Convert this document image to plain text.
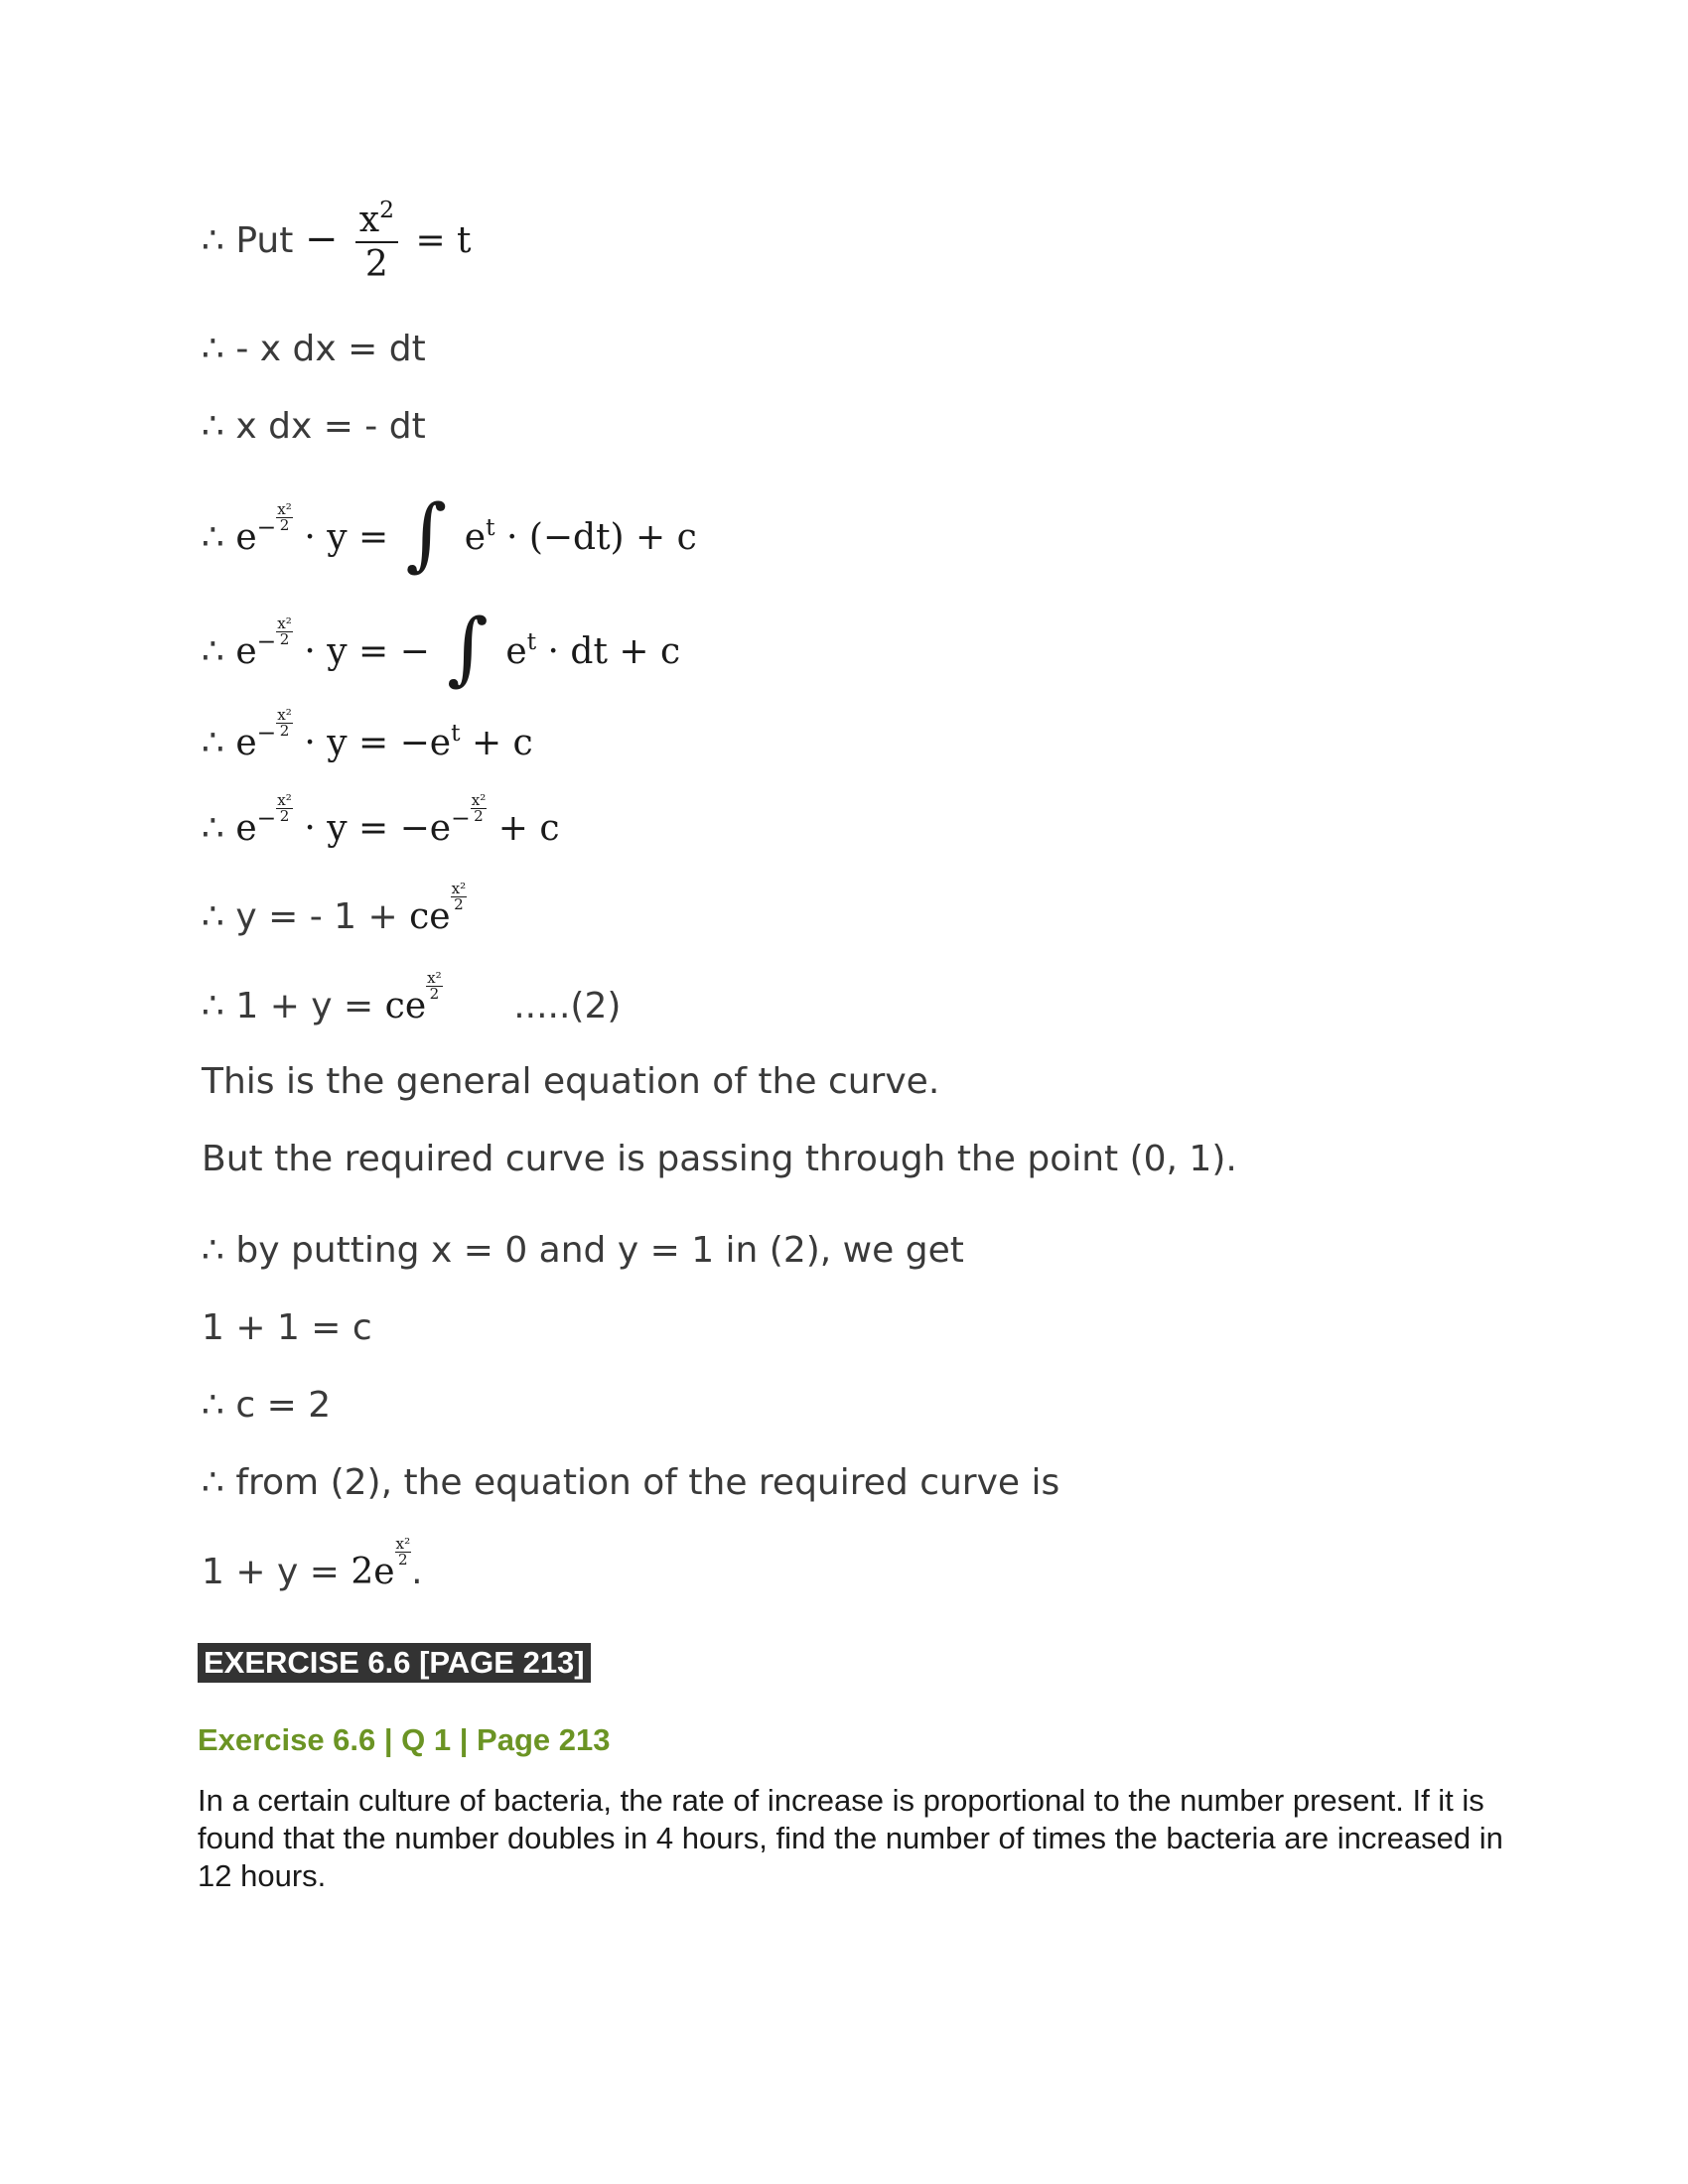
∴ Put − $\frac{x^2}{2} = t$
∴ - x dx = dt
∴ x dx = - dt
∴ $e^- \frac{\text{x²}}{2} \cdot y$ = ∫ $e^t \cdot (-dt) + c$
∴ $e^- \frac{\text{x²}}{2} \cdot y$ = − ∫ $e^t$ · dt + c
∴ $e^- \frac{\text{x²}}{2} \cdot y = -e^t + c$
∴ $e^- \frac{\text{x²}}{2} \cdot y = -e^- \frac{\text{x²}}{2} + c$
∴ y = - 1 + ce $\frac{\text{x²}}{2}$
∴ 1 + y = ce $\frac{\text{x²}}{2} .....(2)$
This is the general equation of the curve.
But the required curve is passing through the point (0, 1).
∴ by putting x = 0 and y = 1 in (2), we get
1 + 1 = c
∴ c = 2
∴ from (2), the equation of the required curve is
$1 + y = 2e \frac{\text{x²}}{2}$ .
EXERCISE 6.6 [PAGE 213]
Exercise 6.6 | Q 1 | Page 213
In a certain culture of bacteria, the rate of increase is proportional to the number present. If it is found that the number doubles in 4 hours, find the number of times the bacteria are increased in 12 hours.
